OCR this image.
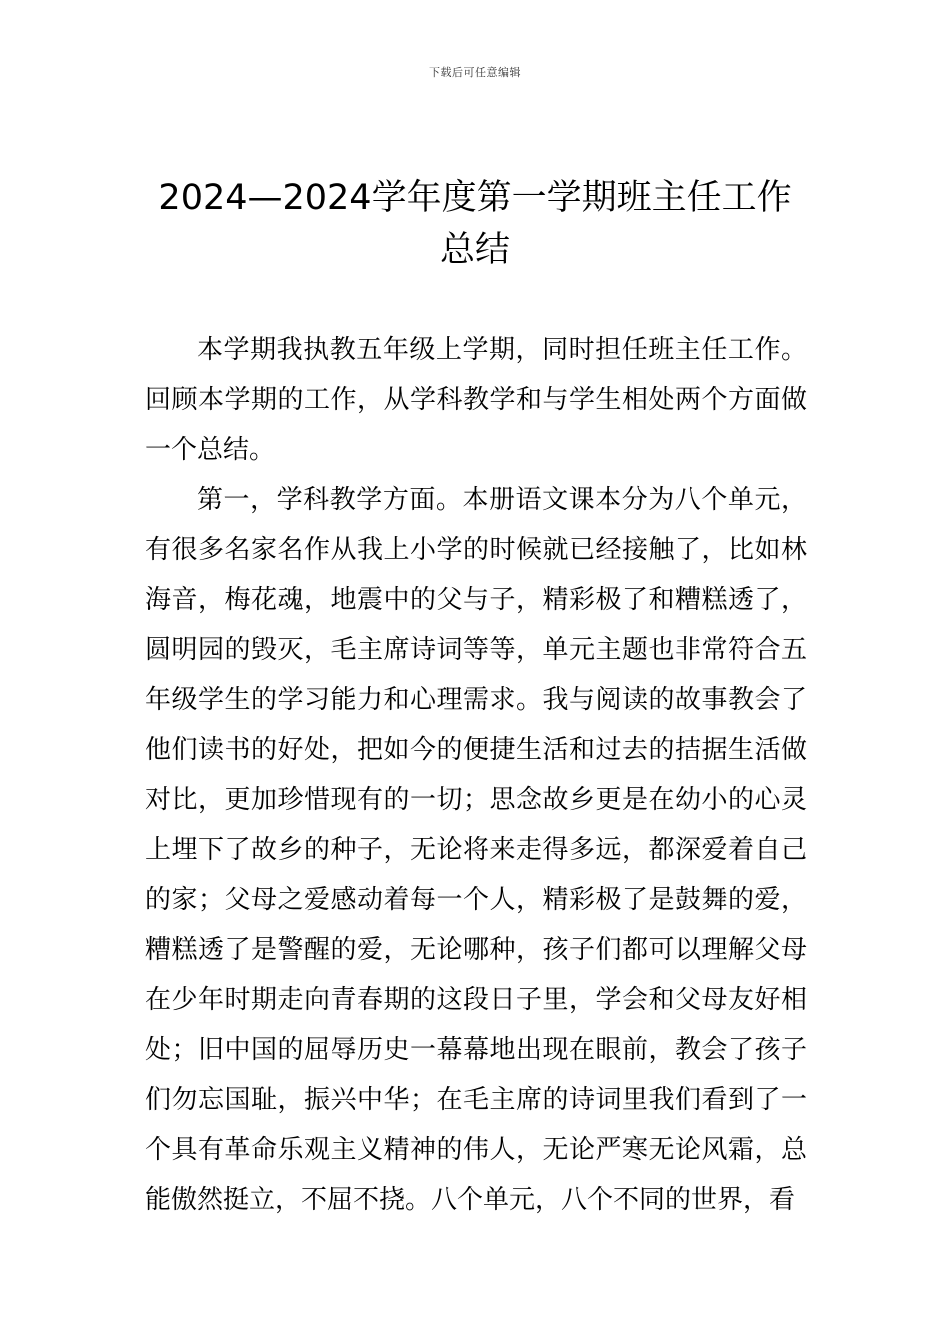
下载后可任意编辑
2024—2024学年度第一学期班主任工作总结

本学期我执教五年级上学期，同时担任班主任工作。回顾本学期的工作，从学科教学和与学生相处两个方面做一个总结。

第一，学科教学方面。本册语文课本分为八个单元，有很多名家名作从我上小学的时候就已经接触了，比如林海音，梅花魂，地震中的父与子，精彩极了和糟糕透了，圆明园的毁灭，毛主席诗词等等，单元主题也非常符合五年级学生的学习能力和心理需求。我与阅读的故事教会了他们读书的好处，把如今的便捷生活和过去的拮据生活做对比，更加珍惜现有的一切；思念故乡更是在幼小的心灵上埋下了故乡的种子，无论将来走得多远，都深爱着自己的家；父母之爱感动着每一个人，精彩极了是鼓舞的爱，糟糕透了是警醒的爱，无论哪种，孩子们都可以理解父母在少年时期走向青春期的这段日子里，学会和父母友好相处；旧中国的屈辱历史一幕幕地出现在眼前，教会了孩子们勿忘国耻，振兴中华；在毛主席的诗词里我们看到了一个具有革命乐观主义精神的伟人，无论严寒无论风霜，总能傲然挺立，不屈不挠。八个单元，八个不同的世界，看
